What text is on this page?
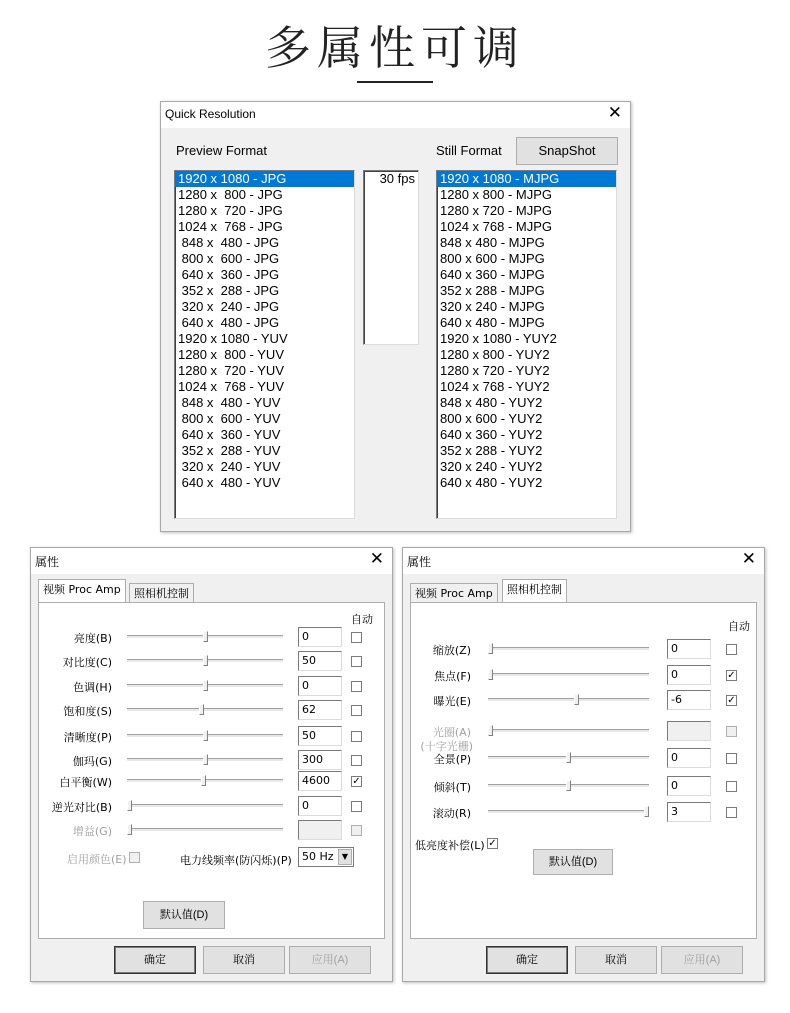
多属性可调
Quick Resolution	✕
Preview Format	Still Format	SnapShot
1920 x 1080 - JPG
1280 x  800 - JPG
1280 x  720 - JPG
1024 x  768 - JPG
848 x  480 - JPG
800 x  600 - JPG
640 x  360 - JPG
352 x  288 - JPG
320 x  240 - JPG
640 x  480 - JPG
1920 x 1080 - YUV
1280 x  800 - YUV
1280 x  720 - YUV
1024 x  768 - YUV
848 x  480 - YUV
800 x  600 - YUV
640 x  360 - YUV
352 x  288 - YUV
320 x  240 - YUV
640 x  480 - YUV
30 fps 1920 x 1080 - MJPG
1280 x 800 - MJPG
1280 x 720 - MJPG
1024 x 768 - MJPG
848 x 480 - MJPG
800 x 600 - MJPG
640 x 360 - MJPG
352 x 288 - MJPG
320 x 240 - MJPG
640 x 480 - MJPG
1920 x 1080 - YUY2
1280 x 800 - YUY2
1280 x 720 - YUY2
1024 x 768 - YUY2
848 x 480 - YUY2
800 x 600 - YUY2
640 x 360 - YUY2
352 x 288 - YUY2
320 x 240 - YUY2
640 x 480 - YUY2
属性	✕
视频 Proc Amp	照相机控制
自动
亮度(B)	0
对比度(C)	50
色调(H)	0
饱和度(S)	62
清晰度(P)	50
伽玛(G)	300
白平衡(W)	4600	✓
逆光对比(B)	0
增益(G)
确定	取消	应用(A)
启用颜色(E)	电力线频率(防闪烁)(P) 50 Hz	▼
默认值(D)
属性	✕
视频 Proc Amp	照相机控制
自动
缩放(Z)	0
焦点(F)	0	✓
曝光(E)	-6	✓
光圈(A)
(十字光栅)
全景(P)	0
倾斜(T)	0
滚动(R)	3
确定	取消	应用(A)
低亮度补偿(L) ✓
默认值(D)
